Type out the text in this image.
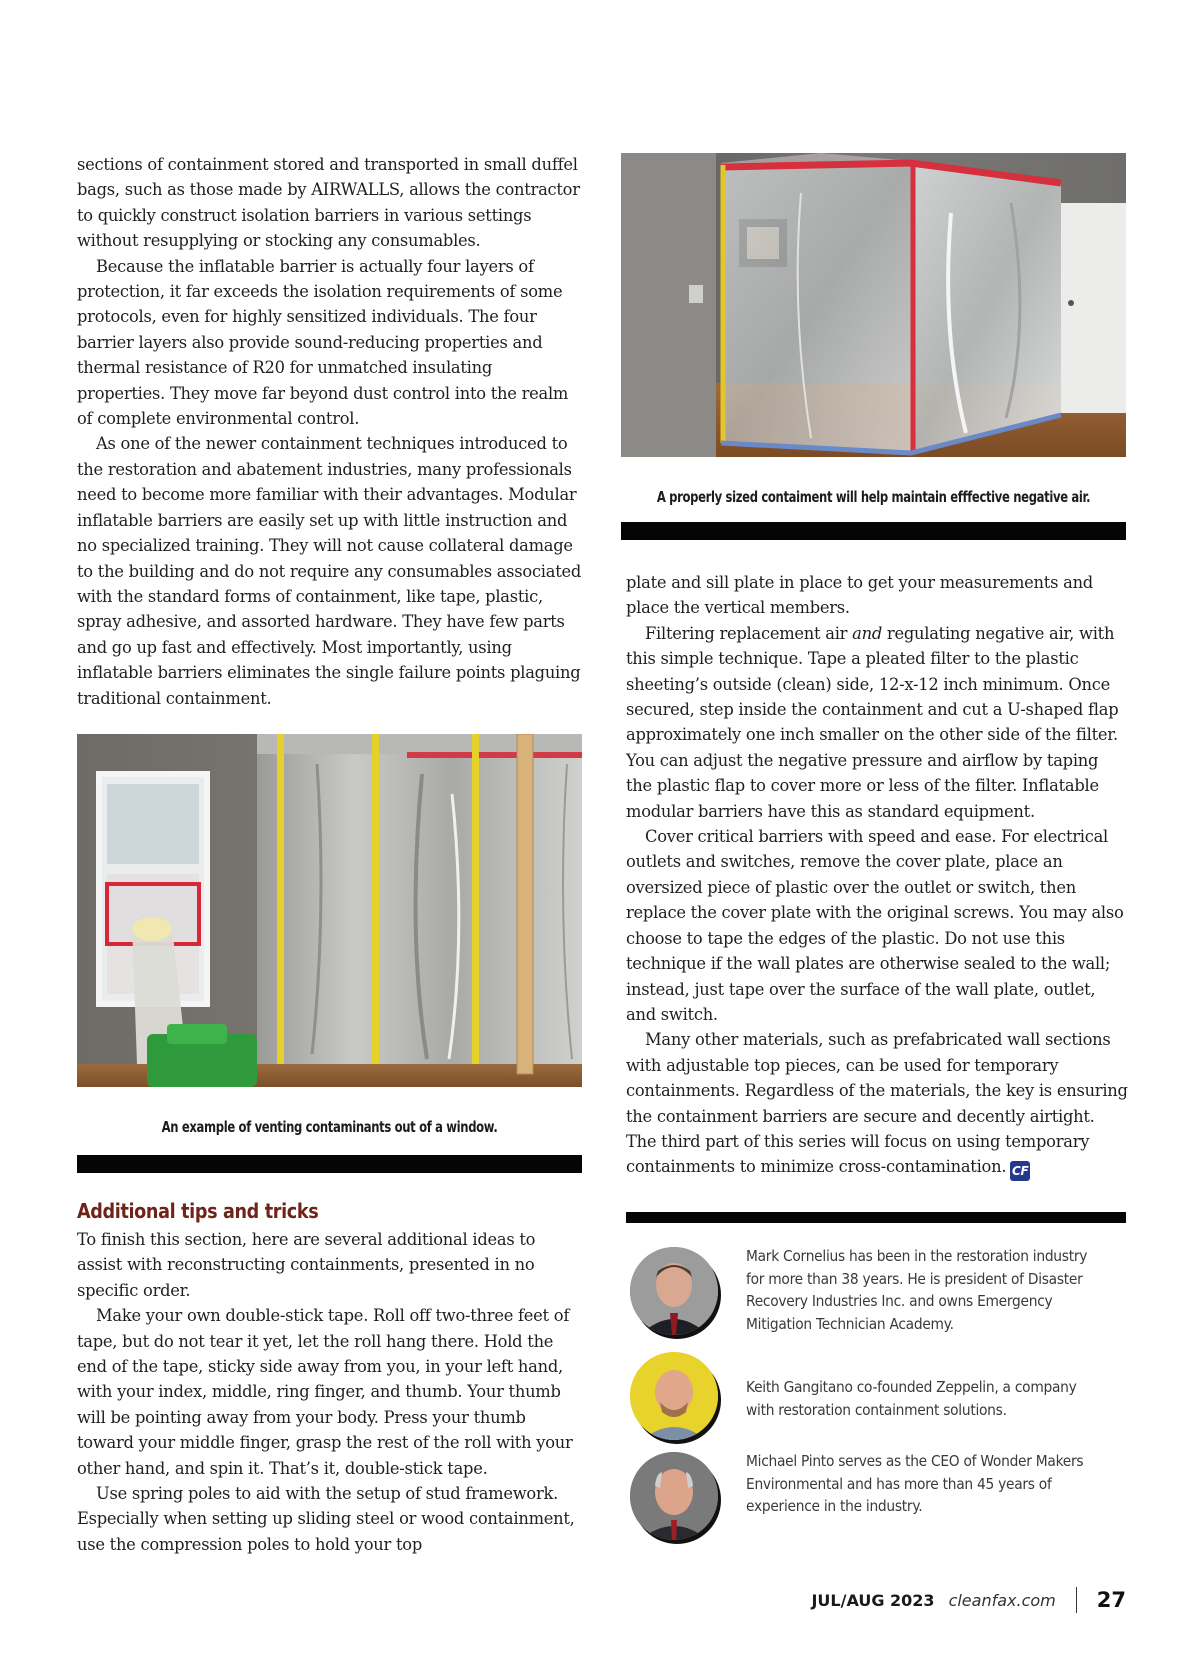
sections of containment stored and transported in small duffel bags, such as those made by AIRWALLS, allows the contractor to quickly construct isolation barriers in various settings without resupplying or stocking any consumables.

Because the inflatable barrier is actually four layers of protection, it far exceeds the isolation requirements of some protocols, even for highly sensitized individuals. The four barrier layers also provide sound-reducing properties and thermal resistance of R20 for unmatched insulating properties. They move far beyond dust control into the realm of complete environmental control.

As one of the newer containment techniques introduced to the restoration and abatement industries, many professionals need to become more familiar with their advantages. Modular inflatable barriers are easily set up with little instruction and no specialized training. They will not cause collateral damage to the building and do not require any consumables associated with the standard forms of containment, like tape, plastic, spray adhesive, and assorted hardware. They have few parts and go up fast and effectively. Most importantly, using inflatable barriers eliminates the single failure points plaguing traditional containment.

An example of venting contaminants out of a window.
Additional tips and tricks

To finish this section, here are several additional ideas to assist with reconstructing containments, presented in no specific order.

Make your own double-stick tape. Roll off two-three feet of tape, but do not tear it yet, let the roll hang there. Hold the end of the tape, sticky side away from you, in your left hand, with your index, middle, ring finger, and thumb. Your thumb will be pointing away from your body. Press your thumb toward your middle finger, grasp the rest of the roll with your other hand, and spin it. That’s it, double-stick tape.

Use spring poles to aid with the setup of stud framework. Especially when setting up sliding steel or wood containment, use the compression poles to hold your top

A properly sized contaiment will help maintain efffective negative air.

plate and sill plate in place to get your measurements and place the vertical members.

Filtering replacement air and regulating negative air, with this simple technique. Tape a pleated filter to the plastic sheeting’s outside (clean) side, 12-x-12 inch minimum. Once secured, step inside the containment and cut a U-shaped flap approximately one inch smaller on the other side of the filter. You can adjust the negative pressure and airflow by taping the plastic flap to cover more or less of the filter. Inflatable modular barriers have this as standard equipment.

Cover critical barriers with speed and ease. For electrical outlets and switches, remove the cover plate, place an oversized piece of plastic over the outlet or switch, then replace the cover plate with the original screws. You may also choose to tape the edges of the plastic. Do not use this technique if the wall plates are otherwise sealed to the wall; instead, just tape over the surface of the wall plate, outlet, and switch.

Many other materials, such as prefabricated wall sections with adjustable top pieces, can be used for temporary containments. Regardless of the materials, the key is ensuring the containment barriers are secure and decently airtight. The third part of this series will focus on using temporary containments to minimize cross-contamination. CF

Mark Cornelius has been in the restoration industry for more than 38 years. He is president of Disaster Recovery Industries Inc. and owns Emergency Mitigation Technician Academy.
Keith Gangitano co-founded Zeppelin, a company with restoration containment solutions.
Michael Pinto serves as the CEO of Wonder Makers Environmental and has more than 45 years of experience in the industry.
JUL/AUG 2023 cleanfax.com 27
